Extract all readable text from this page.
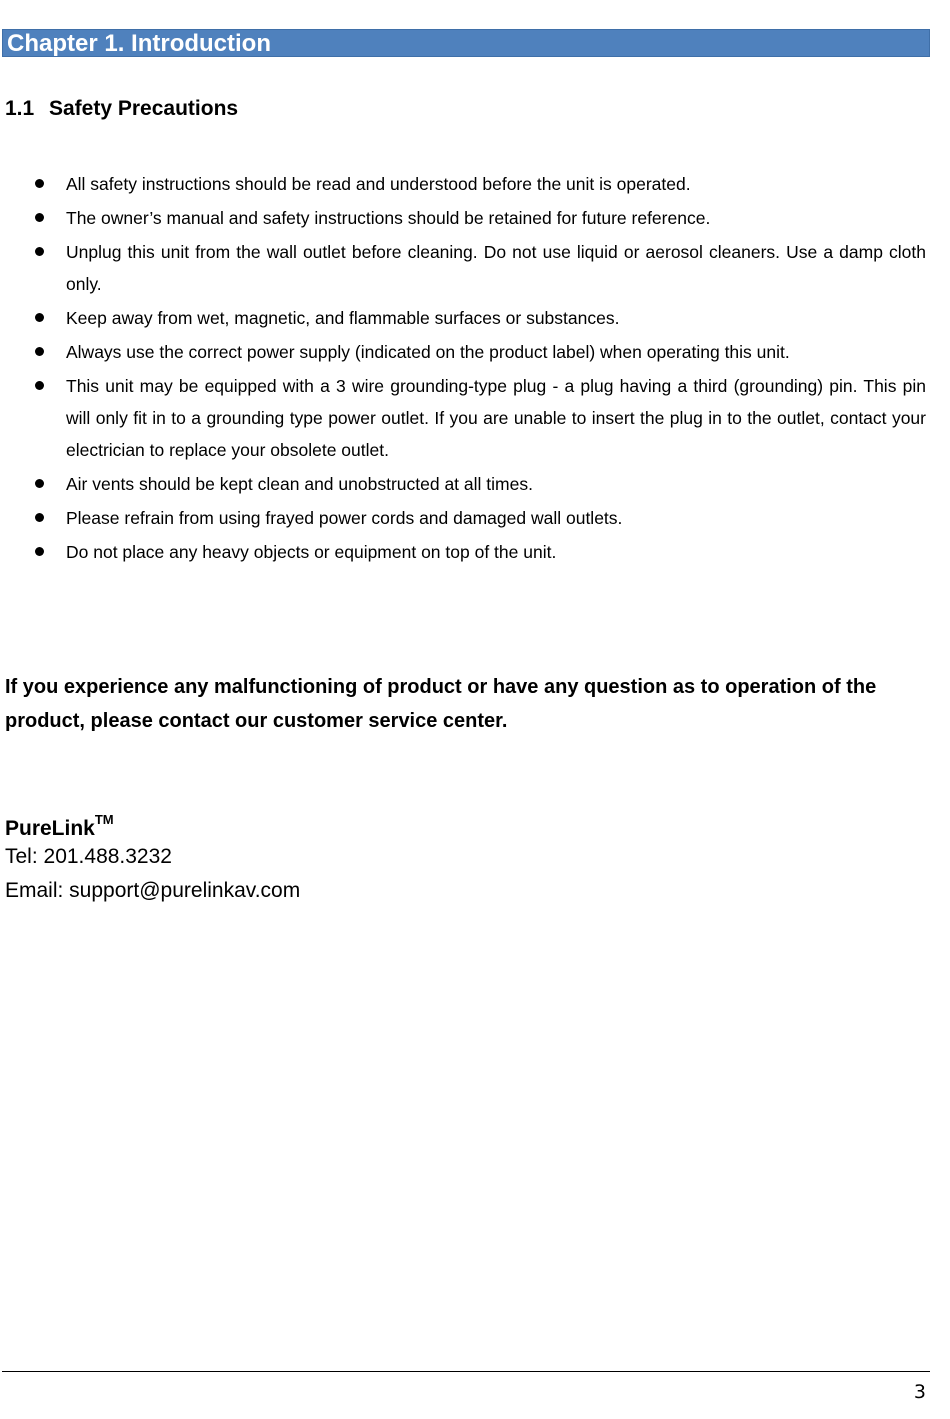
Chapter 1. Introduction
1.1 Safety Precautions
All safety instructions should be read and understood before the unit is operated.
The owner’s manual and safety instructions should be retained for future reference.
Unplug this unit from the wall outlet before cleaning. Do not use liquid or aerosol cleaners. Use a damp cloth only.
Keep away from wet, magnetic, and flammable surfaces or substances.
Always use the correct power supply (indicated on the product label) when operating this unit.
This unit may be equipped with a 3 wire grounding-type plug - a plug having a third (grounding) pin. This pin will only fit in to a grounding type power outlet. If you are unable to insert the plug in to the outlet, contact your electrician to replace your obsolete outlet.
Air vents should be kept clean and unobstructed at all times.
Please refrain from using frayed power cords and damaged wall outlets.
Do not place any heavy objects or equipment on top of the unit.

If you experience any malfunctioning of product or have any question as to operation of the product, please contact our customer service center.

PureLink™

Tel: 201.488.3232

Email: support@purelinkav.com

3
